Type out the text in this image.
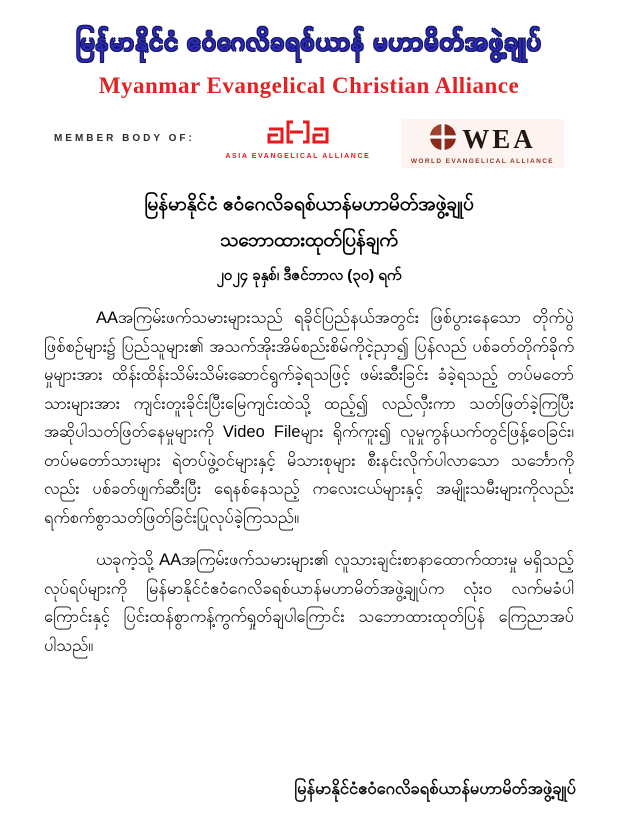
မြန်မာနိုင်ငံ ဧဝံဂေလိခရစ်ယာန် မဟာမိတ်အဖွဲ့ချုပ်
Myanmar Evangelical Christian Alliance
MEMBER BODY OF:
ASIA EVANGELICAL ALLIANCE
WEA
WORLD EVANGELICAL ALLIANCE
မြန်မာနိုင်ငံ ဧဝံဂေလိခရစ်ယာန်မဟာမိတ်အဖွဲ့ချုပ်
သဘောထားထုတ်ပြန်ချက်
၂၀၂၄ ခုနှစ်၊ ဒီဇင်ဘာလ (၃၀) ရက်

AAအကြမ်းဖက်သမားများသည် ရခိုင်ပြည်နယ်အတွင်း ဖြစ်ပွားနေသော တိုက်ပွဲဖြစ်စဉ်များ၌ ပြည်သူများ၏ အသက်အိုးအိမ်စည်းစိမ်ကိုငဲ့ညှာ၍ ပြန်လည် ပစ်ခတ်တိုက်ခိုက်မှုများအား ထိန်းထိန်းသိမ်းသိမ်းဆောင်ရွက်ခဲ့ရသဖြင့် ဖမ်းဆီးခြင်း ခံခဲ့ရသည့် တပ်မတော်သားများအား ကျင်းတူးခိုင်းပြီးမြေကျင်းထဲသို့ ထည့်၍ လည်လှီးကာ သတ်ဖြတ်ခဲ့ကြပြီး အဆိုပါသတ်ဖြတ်နေမှုများကို Video Fileများ ရိုက်ကူး၍ လူမှုကွန်ယက်တွင်ဖြန့်ဝေခြင်း၊ တပ်မတော်သားများ ရဲတပ်ဖွဲ့ဝင်များနှင့် မိသားစုများ စီးနင်းလိုက်ပါလာသော သင်္ဘောကိုလည်း ပစ်ခတ်ဖျက်ဆီးပြီး ရေနစ်နေသည့် ကလေးငယ်များနှင့် အမျိုးသမီးများကိုလည်း ရက်စက်စွာသတ်ဖြတ်ခြင်းပြုလုပ်ခဲ့ကြသည်။

ယခုကဲ့သို့ AAအကြမ်းဖက်သမားများ၏ လူသားချင်းစာနာထောက်ထားမှု မရှိသည့် လုပ်ရပ်များကို မြန်မာနိုင်ငံဧဝံဂေလိခရစ်ယာန်မဟာမိတ်အဖွဲ့ချုပ်က လုံးဝ လက်မခံပါကြောင်းနှင့် ပြင်းထန်စွာကန့်ကွက်ရှုတ်ချပါကြောင်း သဘောထားထုတ်ပြန် ကြေညာအပ်ပါသည်။

မြန်မာနိုင်ငံဧဝံဂေလိခရစ်ယာန်မဟာမိတ်အဖွဲ့ချုပ်
